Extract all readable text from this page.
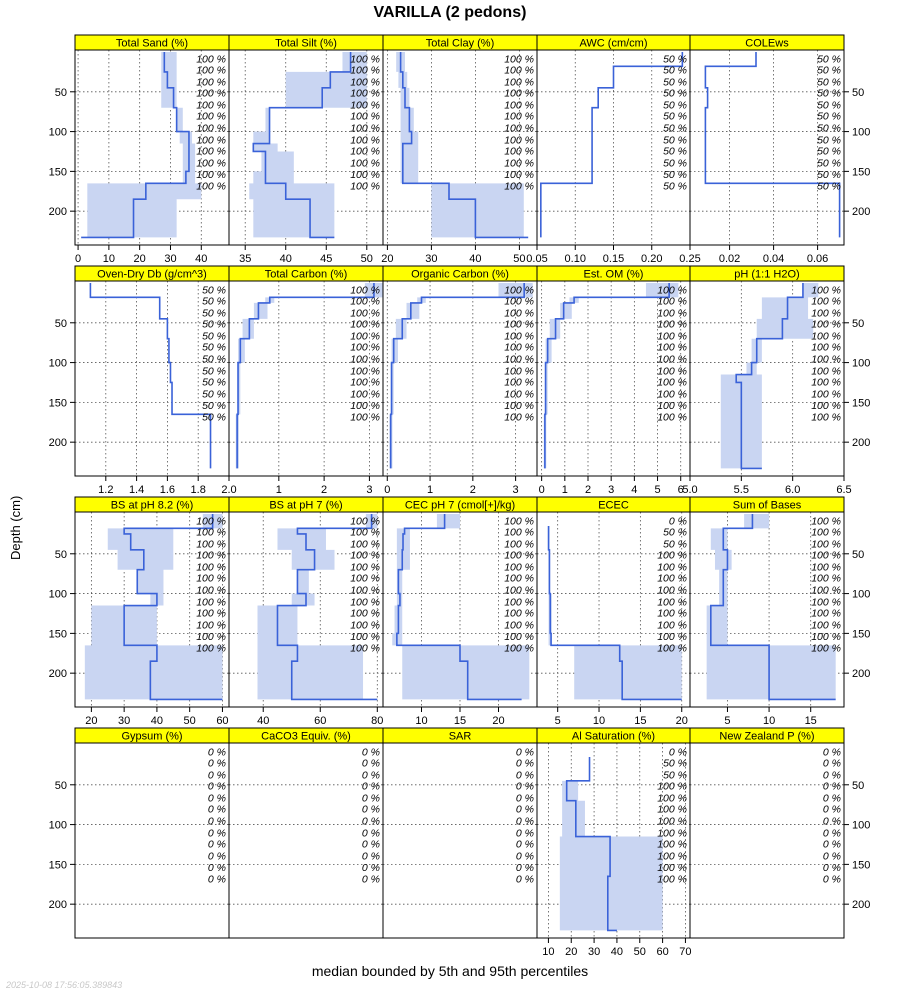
VARILLA (2 pedons)
Depth (cm)
Total Sand (%)
100 %
100 %
100 %
100 %
100 %
100 %
100 %
100 %
100 %
100 %
100 %
100 %
0 10 20 30 40
50
100
150
200
Total Silt (%)
100 %
100 %
100 %
100 %
100 %
100 %
100 %
100 %
100 %
100 %
100 %
100 %
35	40	45	50
Total Clay (%)
100 %
100 %
100 %
100 %
100 %
100 %
100 %
100 %
100 %
100 %
100 %
100 %
20	30	40	50
AWC (cm/cm)
50 %
50 %
50 %
50 %
50 %
50 %
50 %
50 %
50 %
50 %
50 %
50 %
0.05 0.10 0.15 0.20 0.25
COLEws
50 %
50 %
50 %
50 %
50 %
50 %
50 %
50 %
50 %
50 %
50 %
50 %
0.02 0.04 0.06
50
100
150
200
Oven-Dry Db (g/cm^3)
50 %
50 %
50 %
50 %
50 %
50 %
50 %
50 %
50 %
50 %
50 %
50 %
1.2 1.4 1.6 1.8 2.0
50
100
150
200
Total Carbon (%)
100 %
100 %
100 %
100 %
100 %
100 %
100 %
100 %
100 %
100 %
100 %
100 %
1	2	3
Organic Carbon (%)
100 %
100 %
100 %
100 %
100 %
100 %
100 %
100 %
100 %
100 %
100 %
100 %
0	1	2	3
Est. OM (%)
100 %
100 %
100 %
100 %
100 %
100 %
100 %
100 %
100 %
100 %
100 %
100 %
0 1 2 3 4 5 6
pH (1:1 H2O)
100 %
100 %
100 %
100 %
100 %
100 %
100 %
100 %
100 %
100 %
100 %
100 %
5.0	5.5	6.0	6.5
50
100
150
200
BS at pH 8.2 (%)
100 %
100 %
100 %
100 %
100 %
100 %
100 %
100 %
100 %
100 %
100 %
100 %
20 30 40 50 60
50
100
150
200
BS at pH 7 (%)
100 %
100 %
100 %
100 %
100 %
100 %
100 %
100 %
100 %
100 %
100 %
100 %
40	60	80
CEC pH 7 (cmol[+]/kg)
100 %
100 %
100 %
100 %
100 %
100 %
100 %
100 %
100 %
100 %
100 %
100 %
10 15 20
ECEC
0 %
50 %
50 %
100 %
100 %
100 %
100 %
100 %
100 %
100 %
100 %
100 %
5	10	15	20
Sum of Bases
100 %
100 %
100 %
100 %
100 %
100 %
100 %
100 %
100 %
100 %
100 %
100 %
5	10	15
50
100
150
200
Gypsum (%)
0 %
0 %
0 %
0 %
0 %
0 %
0 %
0 %
0 %
0 %
0 %
0 %
50
100
150
200
CaCO3 Equiv. (%)
0 %
0 %
0 %
0 %
0 %
0 %
0 %
0 %
0 %
0 %
0 %
0 %
SAR
0 %
0 %
0 %
0 %
0 %
0 %
0 %
0 %
0 %
0 %
0 %
0 %
Al Saturation (%)
0 %
50 %
50 %
100 %
100 %
100 %
100 %
100 %
100 %
100 %
100 %
100 %
10 20 30 40 50 60 70
New Zealand P (%)
0 %
0 %
0 %
0 %
0 %
0 %
0 %
0 %
0 %
0 %
0 %
0 %
50
100
150
200
median bounded by 5th and 95th percentiles
2025-10-08 17:56:05.389843
